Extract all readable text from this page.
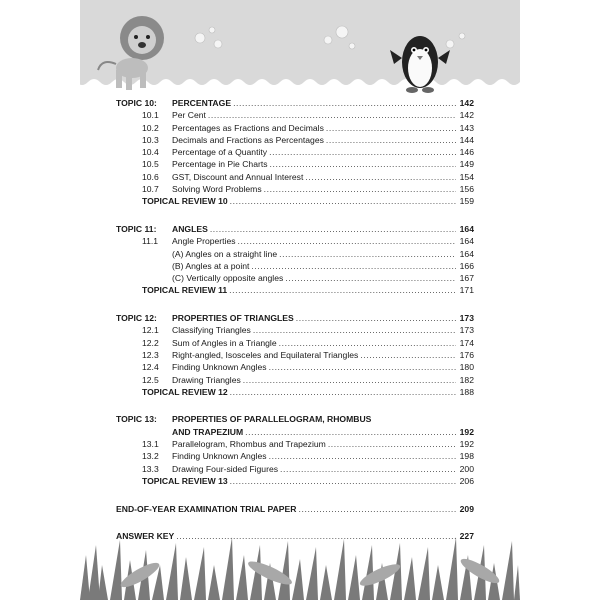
TOPIC 10:	PERCENTAGE .....	142
10.1	Per Cent .....	142
10.2	Percentages as Fractions and Decimals .....	143
10.3	Decimals and Fractions as Percentages .....	144
10.4	Percentage of a Quantity .....	146
10.5	Percentage in Pie Charts .....	149
10.6	GST, Discount and Annual Interest .....	154
10.7	Solving Word Problems .....	156
TOPICAL REVIEW 10 .....	159
TOPIC 11:	ANGLES .....	164
11.1	Angle Properties .....	164
(A) Angles on a straight line .....	164
(B) Angles at a point .....	166
(C) Vertically opposite angles .....	167
TOPICAL REVIEW 11 .....	171
TOPIC 12:	PROPERTIES OF TRIANGLES .....	173
12.1	Classifying Triangles .....	173
12.2	Sum of Angles in a Triangle .....	174
12.3	Right-angled, Isosceles and Equilateral Triangles .....	176
12.4	Finding Unknown Angles .....	180
12.5	Drawing Triangles .....	182
TOPICAL REVIEW 12 .....	188
TOPIC 13:	PROPERTIES OF PARALLELOGRAM, RHOMBUS
AND TRAPEZIUM .....	192
13.1	Parallelogram, Rhombus and Trapezium .....	192
13.2	Finding Unknown Angles .....	198
13.3	Drawing Four-sided Figures .....	200
TOPICAL REVIEW 13 .....	206
END-OF-YEAR EXAMINATION TRIAL PAPER .....	209
ANSWER KEY .....	227
